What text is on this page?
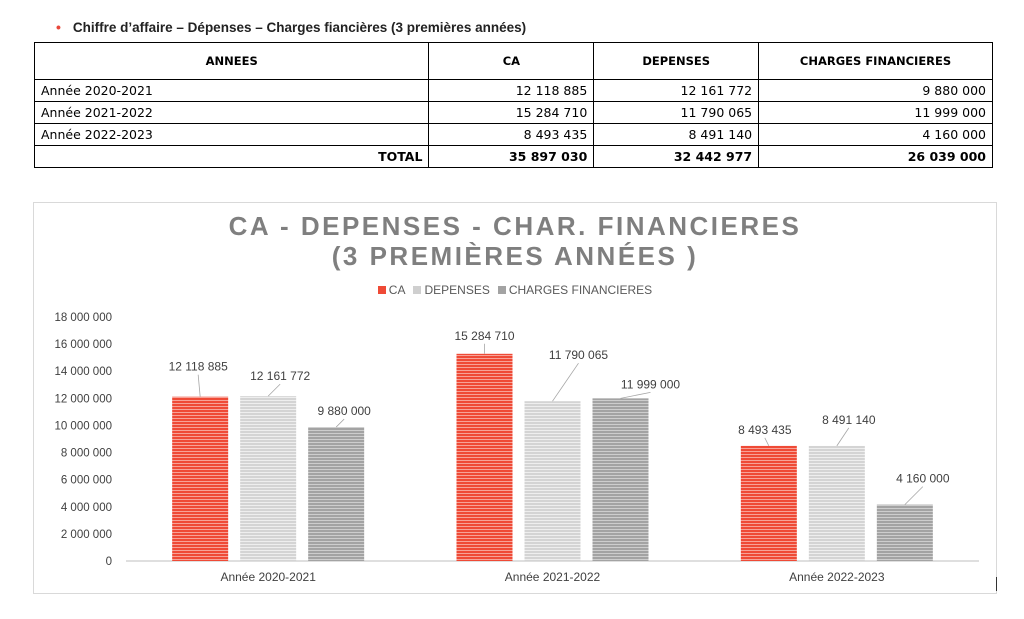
• Chiffre d’affaire – Dépenses – Charges fiancières (3 premières années)
ANNEES	CA	DEPENSES	CHARGES FINANCIERES
Année 2020-2021	12 118 885	12 161 772	9 880 000
Année 2021-2022	15 284 710	11 790 065	11 999 000
Année 2022-2023	8 493 435	8 491 140	4 160 000
TOTAL	35 897 030	32 442 977	26 039 000
CA - DEPENSES - CHAR. FINANCIERES
(3 PREMIÈRES ANNÉES )
CA DEPENSES CHARGES FINANCIERES
0
2 000 000
4 000 000
6 000 000
8 000 000
10 000 000
12 000 000
14 000 000
16 000 000
18 000 000
12 118 885
12 161 772
9 880 000
Année 2020-2021
15 284 710
11 790 065
11 999 000
Année 2021-2022
8 493 435
8 491 140
4 160 000
Année 2022-2023
